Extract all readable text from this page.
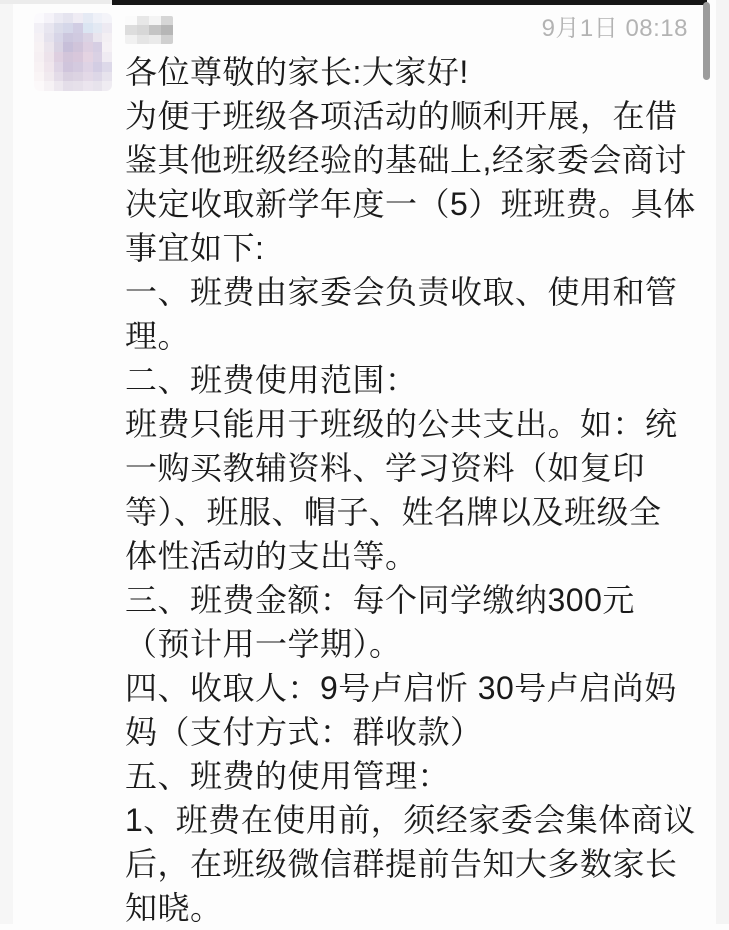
9月1日 08:18
各位尊敬的家长:大家好!
为便于班级各项活动的顺利开展，在借
鉴其他班级经验的基础上,经家委会商讨
决定收取新学年度一（5）班班费。具体
事宜如下:
一、班费由家委会负责收取、使用和管
理。
二、班费使用范围：
班费只能用于班级的公共支出。如：统
一购买教辅资料、学习资料（如复印
等）、班服、帽子、姓名牌以及班级全
体性活动的支出等。
三、班费金额：每个同学缴纳300元
（预计用一学期）。
四、收取人：9号卢启忻 30号卢启尚妈
妈（支付方式：群收款）
五、班费的使用管理：
1、班费在使用前，须经家委会集体商议
后，在班级微信群提前告知大多数家长
知晓。
